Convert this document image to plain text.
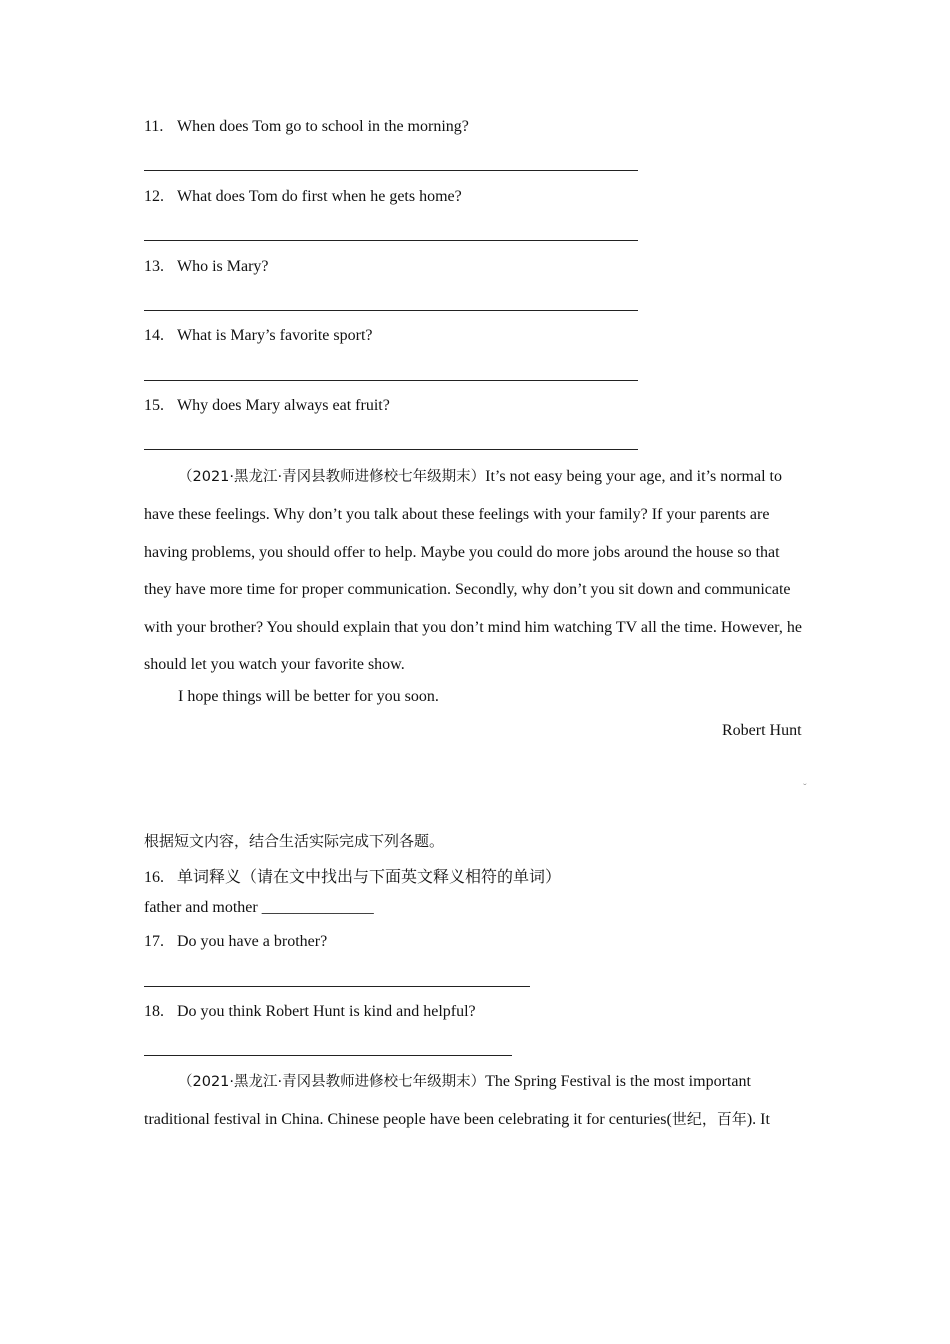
11. When does Tom go to school in the morning?
12. What does Tom do first when he gets home?
13. Who is Mary?
14. What is Mary’s favorite sport?
15. Why does Mary always eat fruit?
（2021·黑龙江·青冈县教师进修校七年级期末）It’s not easy being your age, and it’s normal to have these feelings. Why don’t you talk about these feelings with your family? If your parents are having problems, you should offer to help. Maybe you could do more jobs around the house so that they have more time for proper communication. Secondly, why don’t you sit down and communicate with your brother? You should explain that you don’t mind him watching TV all the time. However, he should let you watch your favorite show.
I hope things will be better for you soon.
Robert Hunt
ˇ
根据短文内容，结合生活实际完成下列各题。
16. 单词释义（请在文中找出与下面英文释义相符的单词）
father and mother ______________
17. Do you have a brother?
18. Do you think Robert Hunt is kind and helpful?
（2021·黑龙江·青冈县教师进修校七年级期末）The Spring Festival is the most important traditional festival in China. Chinese people have been celebrating it for centuries(世纪，百年). It
